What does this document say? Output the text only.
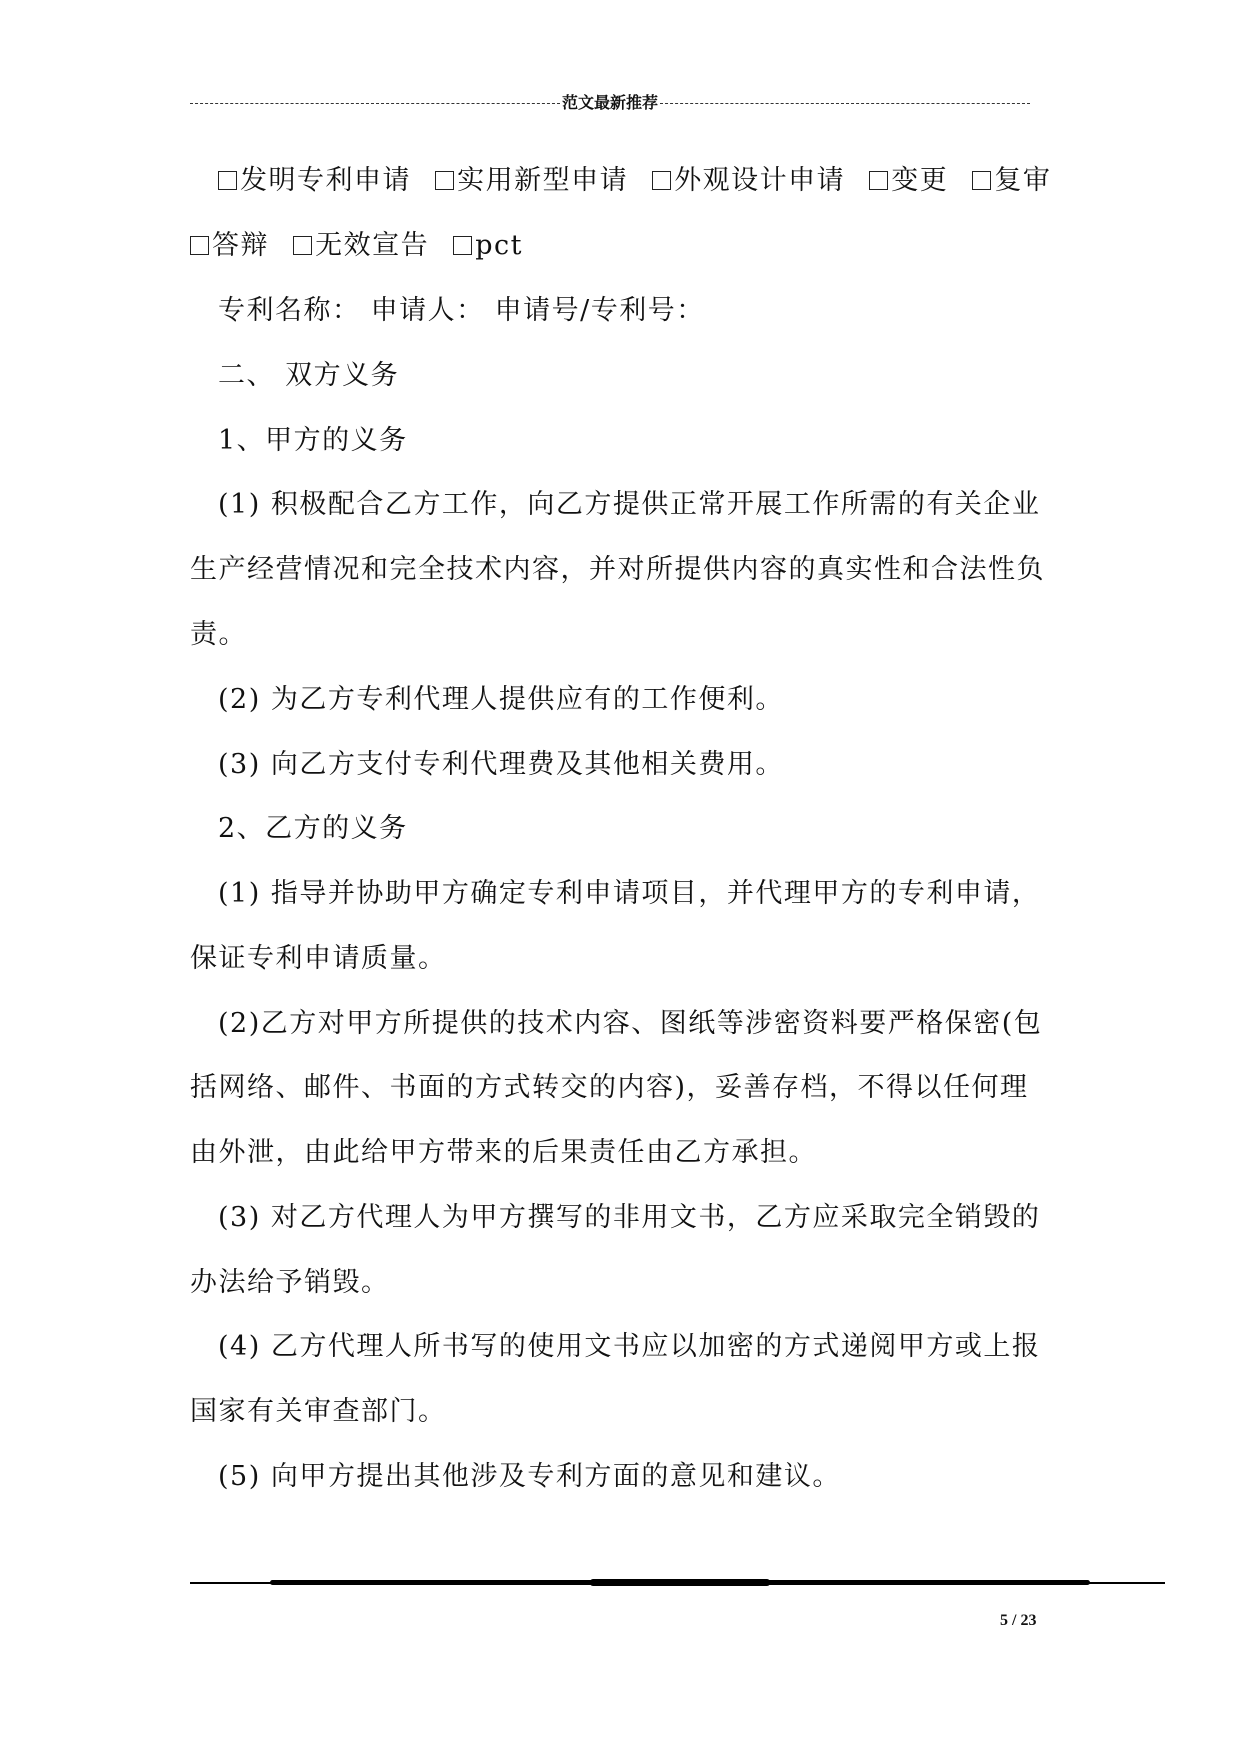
范文最新推荐
发明专利申请 实用新型申请 外观设计申请 变更 复审
答辩 无效宣告 pct
专利名称： 申请人： 申请号/专利号：
二、 双方义务
1、甲方的义务
(1) 积极配合乙方工作，向乙方提供正常开展工作所需的有关企业
生产经营情况和完全技术内容，并对所提供内容的真实性和合法性负
责。
(2) 为乙方专利代理人提供应有的工作便利。
(3) 向乙方支付专利代理费及其他相关费用。
2、乙方的义务
(1) 指导并协助甲方确定专利申请项目，并代理甲方的专利申请，
保证专利申请质量。
(2)乙方对甲方所提供的技术内容、图纸等涉密资料要严格保密(包
括网络、邮件、书面的方式转交的内容)，妥善存档，不得以任何理
由外泄，由此给甲方带来的后果责任由乙方承担。
(3) 对乙方代理人为甲方撰写的非用文书，乙方应采取完全销毁的
办法给予销毁。
(4) 乙方代理人所书写的使用文书应以加密的方式递阅甲方或上报
国家有关审查部门。
(5) 向甲方提出其他涉及专利方面的意见和建议。
5 / 23
